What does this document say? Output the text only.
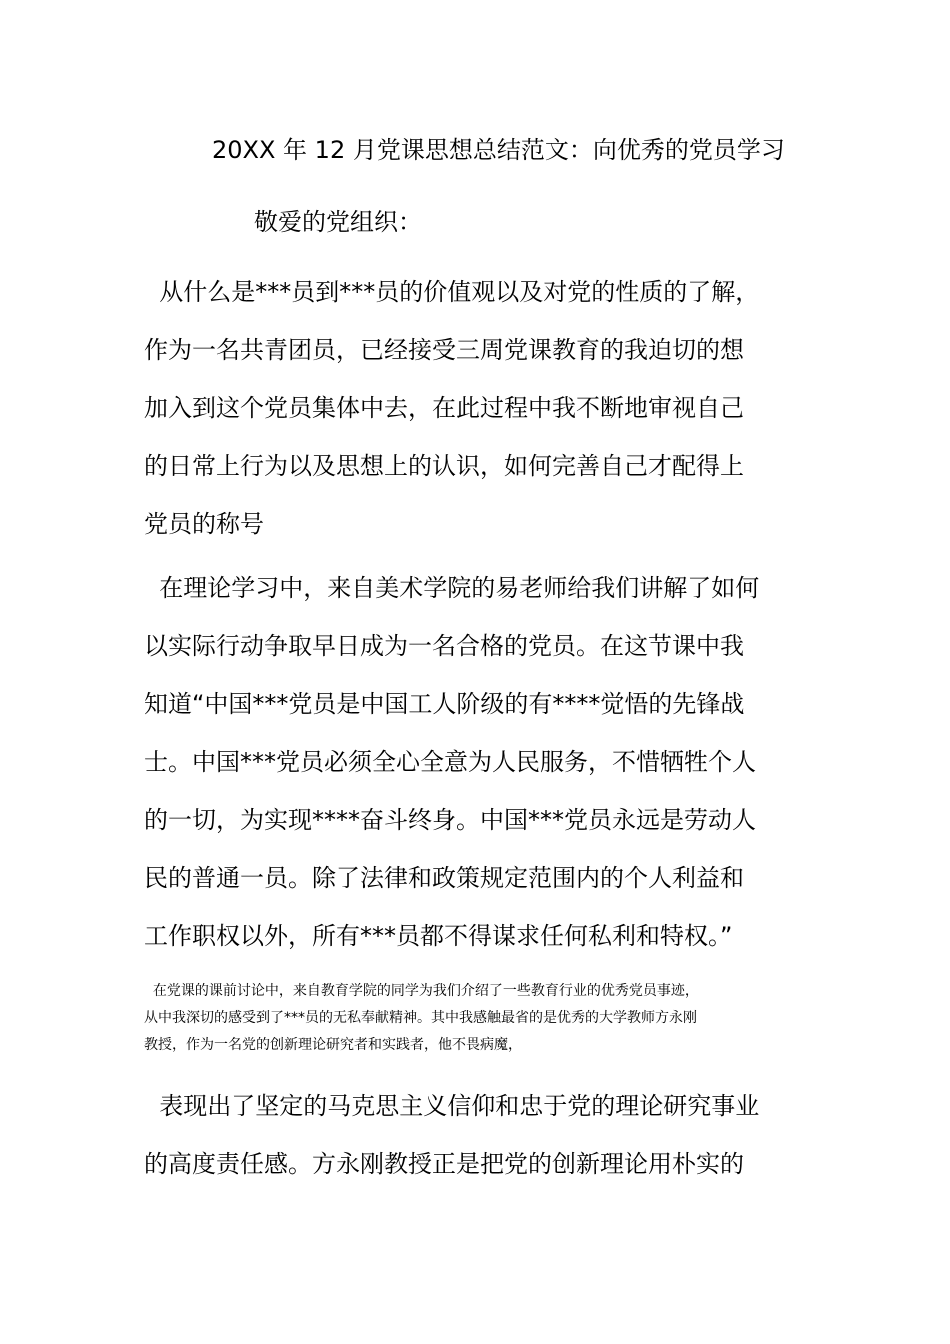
20XX 年 12 月党课思想总结范文：向优秀的党员学习
敬爱的党组织：

从什么是***员到***员的价值观以及对党的性质的了解，
作为一名共青团员，已经接受三周党课教育的我迫切的想
加入到这个党员集体中去，在此过程中我不断地审视自己
的日常上行为以及思想上的认识，如何完善自己才配得上
党员的称号

在理论学习中，来自美术学院的易老师给我们讲解了如何
以实际行动争取早日成为一名合格的党员。在这节课中我
知道“中国***党员是中国工人阶级的有****觉悟的先锋战
士。中国***党员必须全心全意为人民服务，不惜牺牲个人
的一切，为实现****奋斗终身。中国***党员永远是劳动人
民的普通一员。除了法律和政策规定范围内的个人利益和
工作职权以外，所有***员都不得谋求任何私利和特权。”

在党课的课前讨论中，来自教育学院的同学为我们介绍了一些教育行业的优秀党员事迹，
从中我深切的感受到了***员的无私奉献精神。其中我感触最省的是优秀的大学教师方永刚
教授，作为一名党的创新理论研究者和实践者，他不畏病魔，

表现出了坚定的马克思主义信仰和忠于党的理论研究事业
的高度责任感。方永刚教授正是把党的创新理论用朴实的
